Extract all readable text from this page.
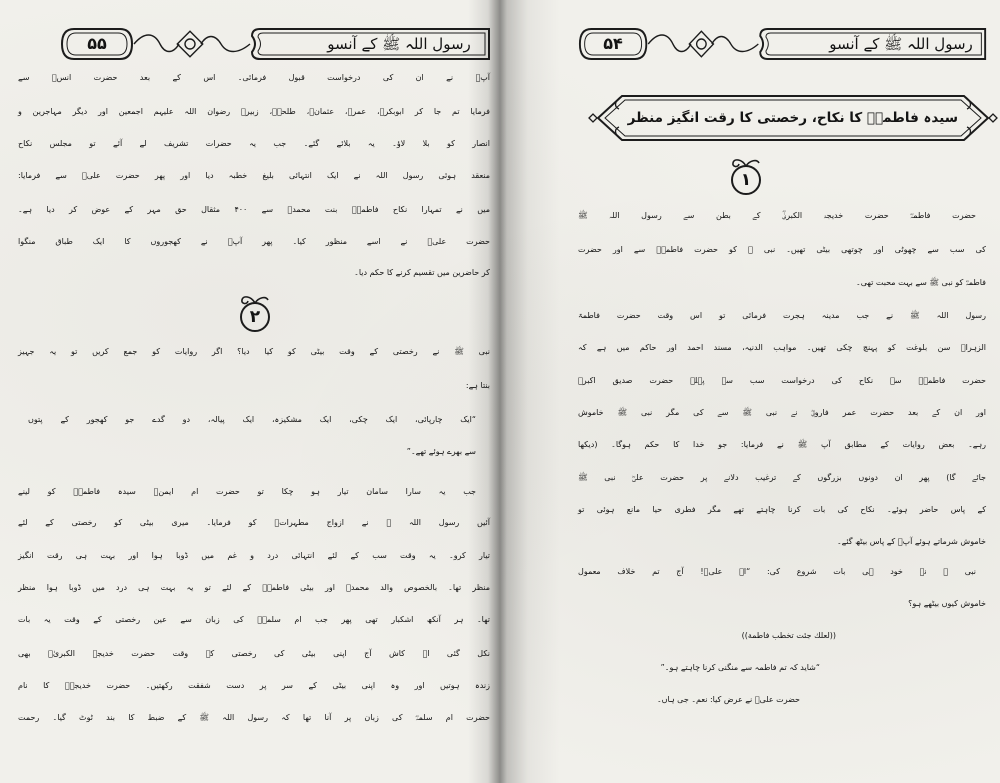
۵۵	رسول اللہ ﷺ کے آنسو
آپؐ نے ان کی درخواست قبول فرمائی۔ اس کے بعد حضرت انسؓ سے
فرمایا تم جا کر ابوبکرؓ، عمرؓ، عثمانؓ، طلحہؓ، زبیرؓ رضوان اللہ علیہم اجمعین اور دیگر مہاجرین و
انصار کو بلا لاؤ۔ یہ بلائے گئے۔ جب یہ حضرات تشریف لے آئے تو مجلس نکاح
منعقد ہوئی رسول اللہ نے ایک انتہائی بلیغ خطبہ دیا اور پھر حضرت علیؓ سے فرمایا:
میں نے تمہارا نکاح فاطمہؓ بنت محمدؐ سے ۴۰۰ مثقال حق مہر کے عوض کر دیا ہے۔
حضرت علیؓ نے اسے منظور کیا۔ پھر آپؐ نے کھجوروں کا ایک طباق منگوا
کر حاضرین میں تقسیم کرنے کا حکم دیا۔
۲
نبی ﷺ نے رخصتی کے وقت بیٹی کو کیا دیا؟ اگر روایات کو جمع کریں تو یہ جہیز
بنتا ہے:
“ایک چارپائی، ایک چکی، ایک مشکیزہ، ایک پیالہ، دو گدے جو کھجور کے پتوں
سے بھرے ہوئے تھے۔”
جب یہ سارا سامان تیار ہو چکا تو حضرت ام ایمنؓ سیدہ فاطمہؓ کو لینے
آئیں رسول اللہ ﷺ نے ازواج مطہراتؓ کو فرمایا۔ میری بیٹی کو رخصتی کے لئے
تیار کرو۔ یہ وقت سب کے لئے انتہائی درد و غم میں ڈوبا ہوا اور بہت ہی رقت انگیز
منظر تھا۔ بالخصوص والد محمدؐ اور بیٹی فاطمہؓ کے لئے تو یہ بہت ہی درد میں ڈوبا ہوا منظر
تھا۔ ہر آنکھ اشکبار تھی پھر جب ام سلمہؓ کی زبان سے عین رخصتی کے وقت یہ بات
نکل گئی اے کاش آج اپنی بیٹی کی رخصتی کے وقت حضرت خدیجۃ الکبریٰؓ بھی
زندہ ہوتیں اور وہ اپنی بیٹی کے سر پر دست شفقت رکھتیں۔ حضرت خدیجہؓ کا نام
حضرت ام سلمہؓ کی زبان پر آنا تھا کہ رسول اللہ ﷺ کے ضبط کا بند ٹوٹ گیا۔ رحمت
۵۴	رسول اللہ ﷺ کے آنسو
سیدہ فاطمہؓ کا نکاح، رخصتی کا رقت انگیز منظر
۱
حضرت فاطمہؓ حضرت خدیجۃ الکبریٰؓ کے بطن سے رسول اللہ ﷺ
کی سب سے چھوٹی اور چوتھی بیٹی تھیں۔ نبی ﷺ کو حضرت فاطمہؓ سے اور حضرت
فاطمہؓ کو نبی ﷺ سے بہت محبت تھی۔
رسول اللہ ﷺ نے جب مدینہ ہجرت فرمائی تو اس وقت حضرت فاطمۃ
الزہراؓ سن بلوغت کو پہنچ چکی تھیں۔ مواہب الدنیہ، مسند احمد اور حاکم میں ہے کہ
حضرت فاطمہؓ سے نکاح کی درخواست سب سے پہلے حضرت صدیق اکبرؓ
اور ان کے بعد حضرت عمر فاروقؓ نے نبی ﷺ سے کی مگر نبی ﷺ خاموش
رہے۔ بعض روایات کے مطابق آپ ﷺ نے فرمایا: جو خدا کا حکم ہوگا۔ (دیکھا
جائے گا) پھر ان دونوں بزرگوں کے ترغیب دلانے پر حضرت علیؓ نبی ﷺ
کے پاس حاضر ہوئے۔ نکاح کی بات کرنا چاہتے تھے مگر فطری حیا مانع ہوئی تو
خاموش شرماتے ہوئے آپؐ کے پاس بیٹھ گئے۔
نبی ﷺ نے خود ہی بات شروع کی: “اے علیؓ! آج تم خلاف معمول
خاموش کیوں بیٹھے ہو؟
((لعلك جئت تخطب فاطمة))
“شاید کہ تم فاطمہ سے منگنی کرنا چاہتے ہو۔”
حضرت علیؓ نے عرض کیا: نعم۔ جی ہاں۔
